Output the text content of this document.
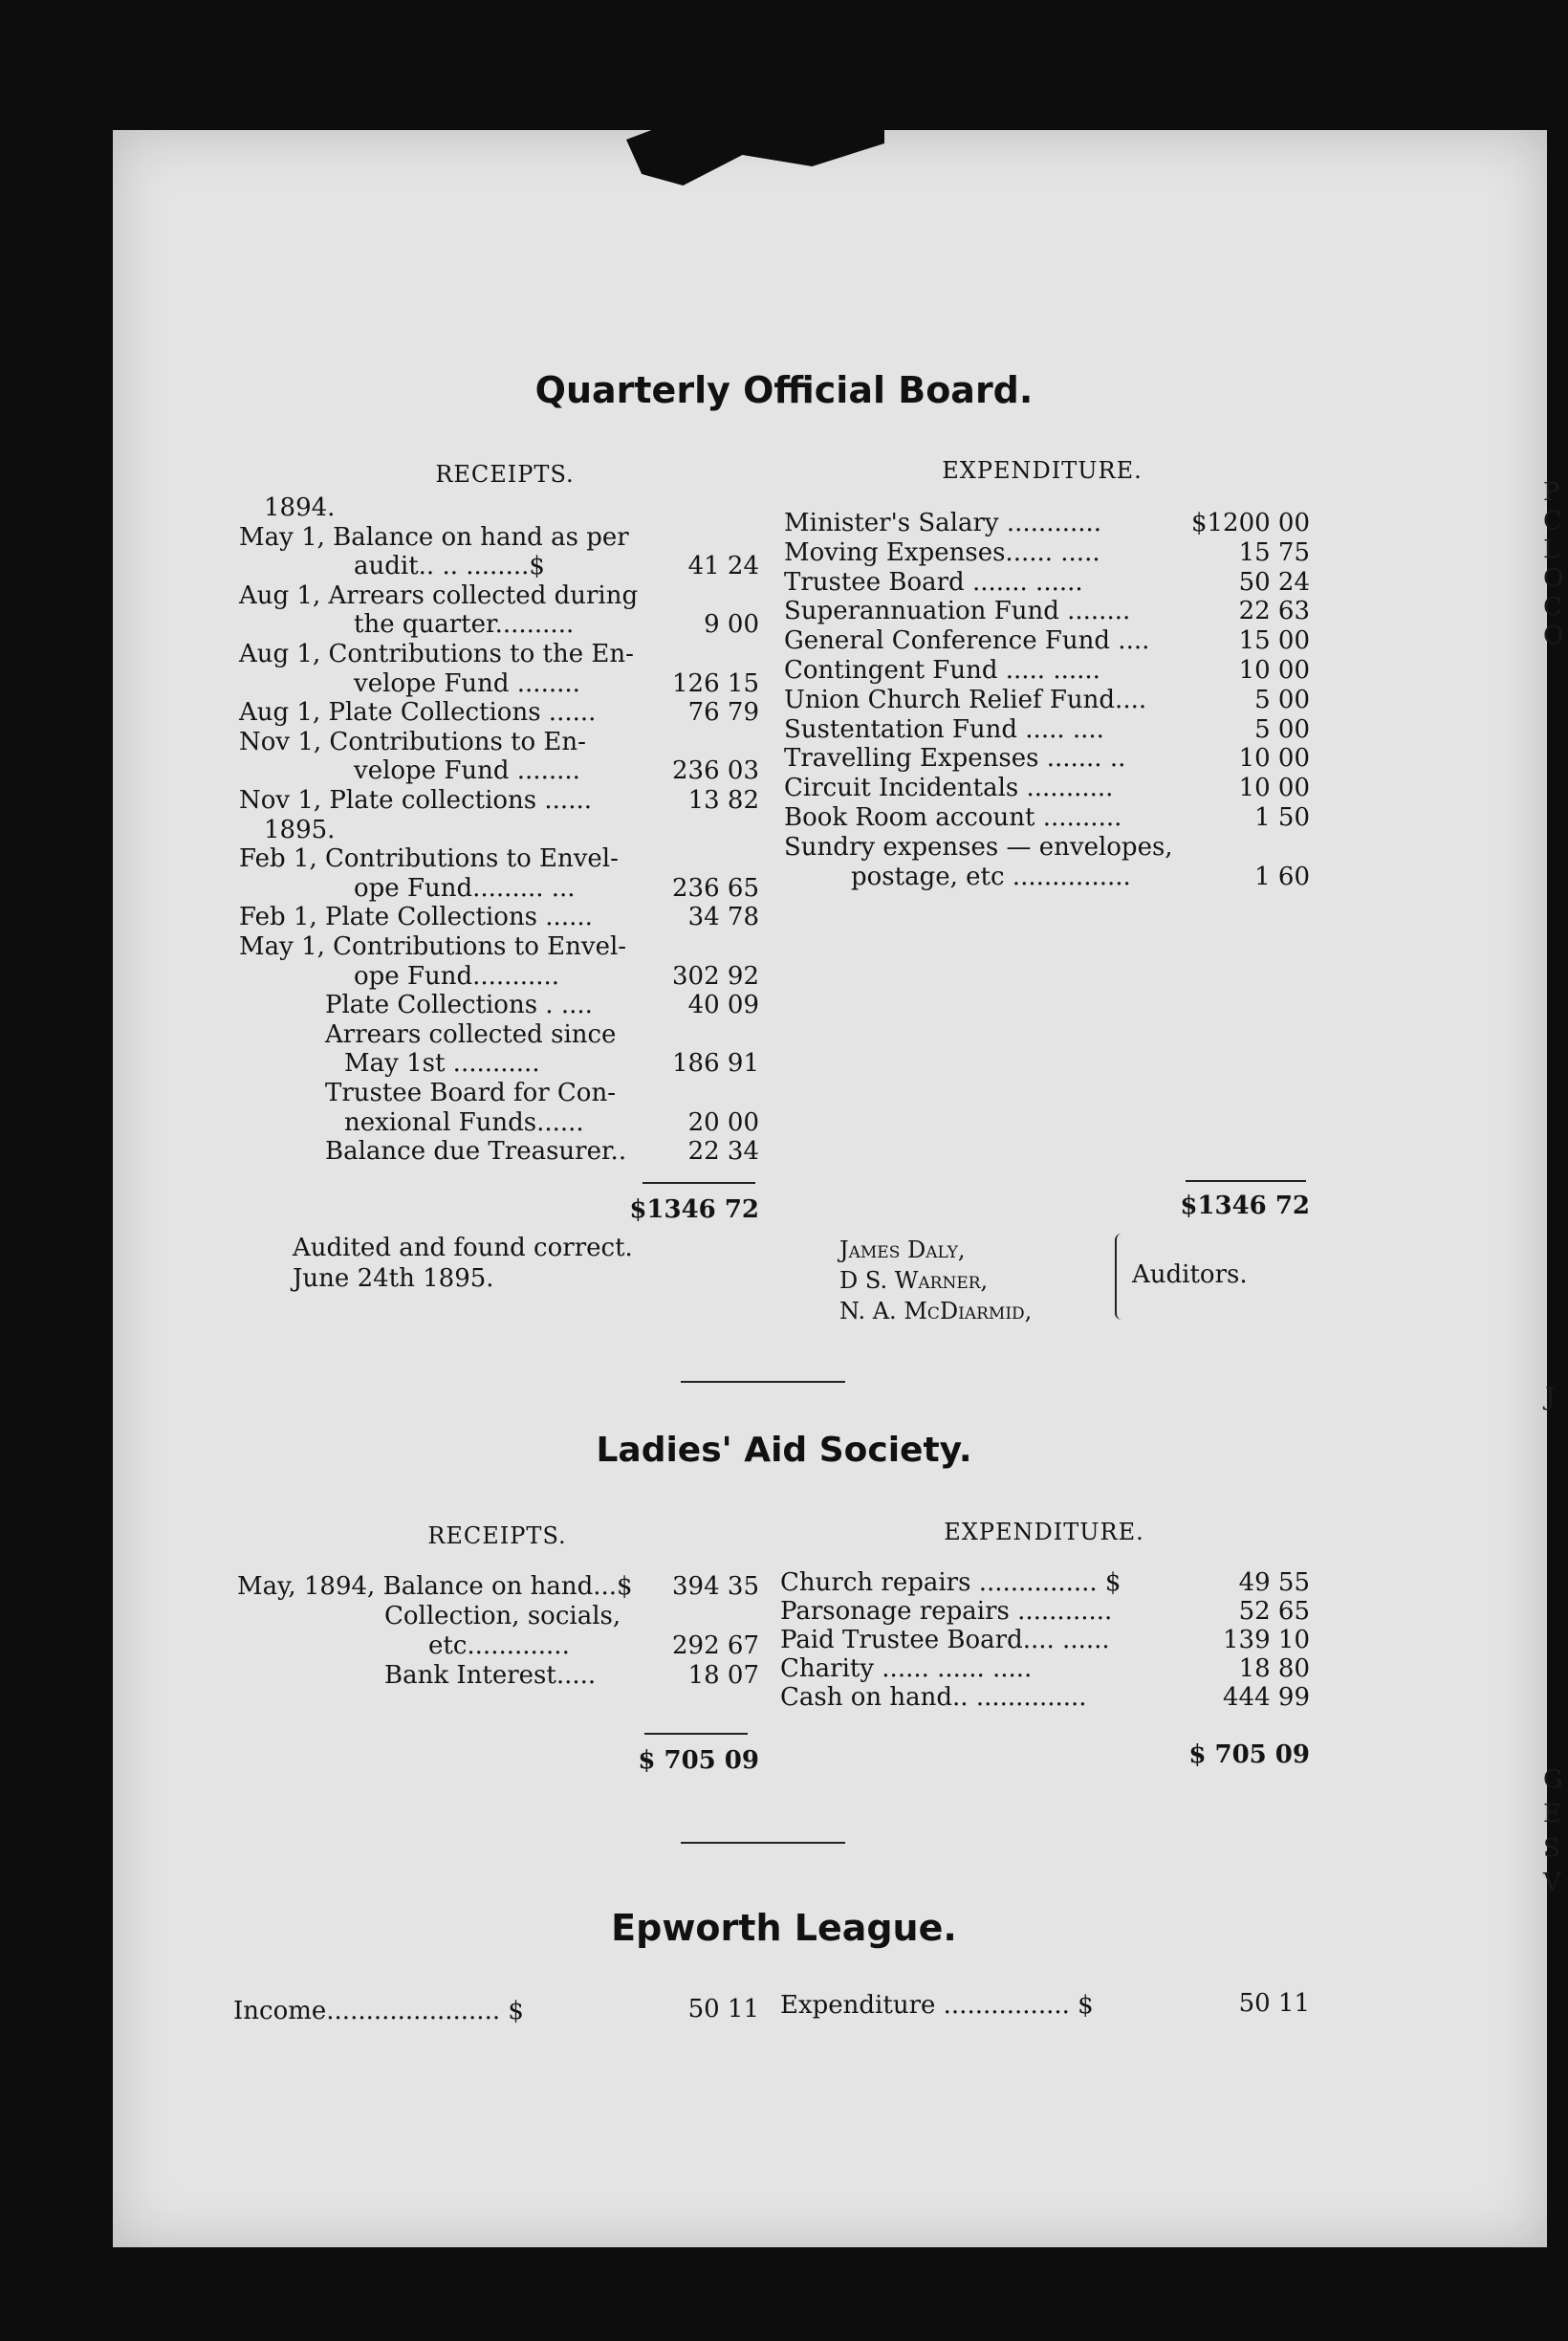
Quarterly Official Board.
RECEIPTS.	EXPENDITURE.
1894.
May 1, Balance on hand as per
audit.. .. ........$	41 24
Aug 1, Arrears collected during
the quarter..........	9 00
Aug 1, Contributions to the En-
velope Fund ........	126 15
Aug 1, Plate Collections ......	76 79
Nov 1, Contributions to En-
velope Fund ........	236 03
Nov 1, Plate collections ......	13 82
1895.
Feb 1, Contributions to Envel-
ope Fund......... ...	236 65
Feb 1, Plate Collections ......	34 78
May 1, Contributions to Envel-
ope Fund...........	302 92
Plate Collections . ....	40 09
Arrears collected since
May 1st ...........	186 91
Trustee Board for Con-
nexional Funds......	20 00
Balance due Treasurer..	22 34
Minister's Salary ............	$1200 00
Moving Expenses...... .....	15 75
Trustee Board ....... ......	50 24
Superannuation Fund ........	22 63
General Conference Fund ....	15 00
Contingent Fund ..... ......	10 00
Union Church Relief Fund....	5 00
Sustentation Fund ..... ....	5 00
Travelling Expenses ....... ..	10 00
Circuit Incidentals ...........	10 00
Book Room account ..........	1 50
Sundry expenses — envelopes,
postage, etc ...............	1 60
$1346 72	$1346 72
Audited and found correct.
June 24th 1895.
James Daly,
D S. Warner,
N. A. McDiarmid,
Auditors.
Ladies' Aid Society.
RECEIPTS.	EXPENDITURE.
May, 1894, Balance on hand...$	394 35
Collection, socials,
etc.............	292 67
Bank Interest.....	18 07
Church repairs ............... $	49 55
Parsonage repairs ............	52 65
Paid Trustee Board.... ......	139 10
Charity ...... ...... .....	18 80
Cash on hand.. ..............	444 99
$ 705 09	$ 705 09
Epworth League.
Income...................... $	50 11 Expenditure ................ $	50 11
P
C
L
O
C
O
G
E
S
V
J
